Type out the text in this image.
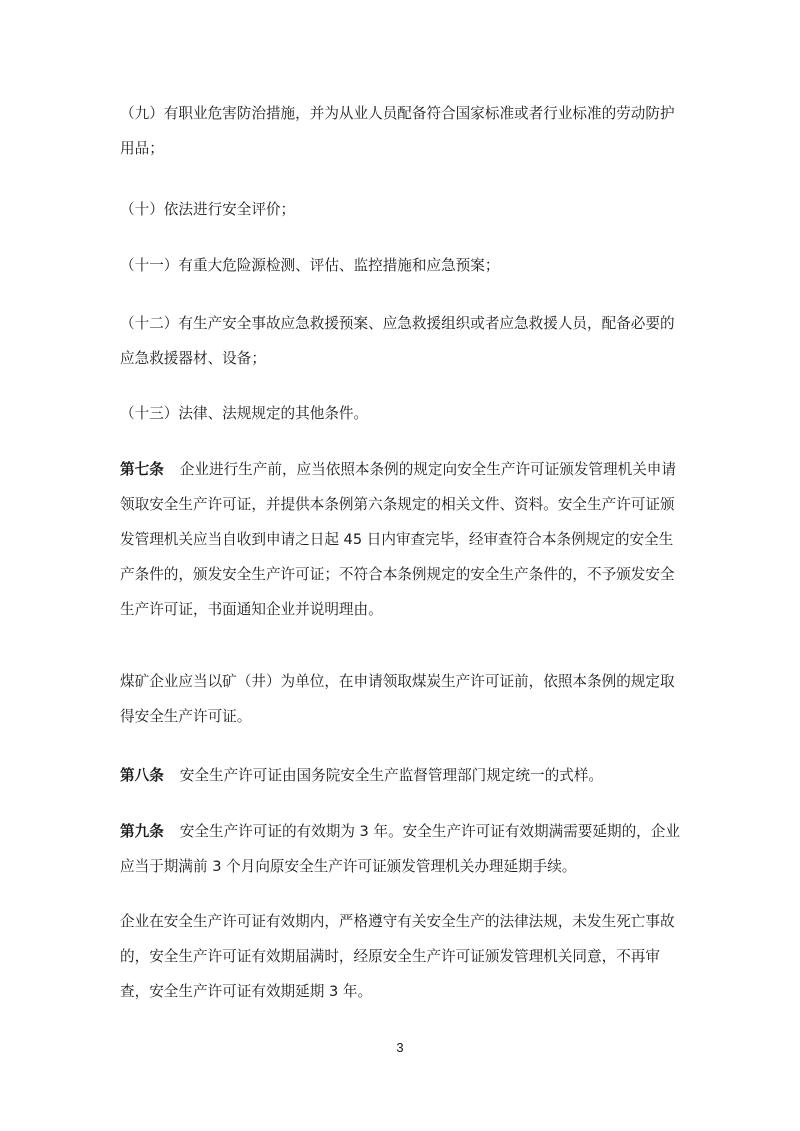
（九）有职业危害防治措施，并为从业人员配备符合国家标准或者行业标准的劳动防护用品；

（十）依法进行安全评价；

（十一）有重大危险源检测、评估、监控措施和应急预案；

（十二）有生产安全事故应急救援预案、应急救援组织或者应急救援人员，配备必要的应急救援器材、设备；

（十三）法律、法规规定的其他条件。

第七条 企业进行生产前，应当依照本条例的规定向安全生产许可证颁发管理机关申请领取安全生产许可证，并提供本条例第六条规定的相关文件、资料。安全生产许可证颁发管理机关应当自收到申请之日起 45 日内审查完毕，经审查符合本条例规定的安全生产条件的，颁发安全生产许可证；不符合本条例规定的安全生产条件的，不予颁发安全生产许可证，书面通知企业并说明理由。

煤矿企业应当以矿（井）为单位，在申请领取煤炭生产许可证前，依照本条例的规定取得安全生产许可证。

第八条 安全生产许可证由国务院安全生产监督管理部门规定统一的式样。

第九条 安全生产许可证的有效期为 3 年。安全生产许可证有效期满需要延期的，企业应当于期满前 3 个月向原安全生产许可证颁发管理机关办理延期手续。

企业在安全生产许可证有效期内，严格遵守有关安全生产的法律法规，未发生死亡事故的，安全生产许可证有效期届满时，经原安全生产许可证颁发管理机关同意，不再审查，安全生产许可证有效期延期 3 年。

3
